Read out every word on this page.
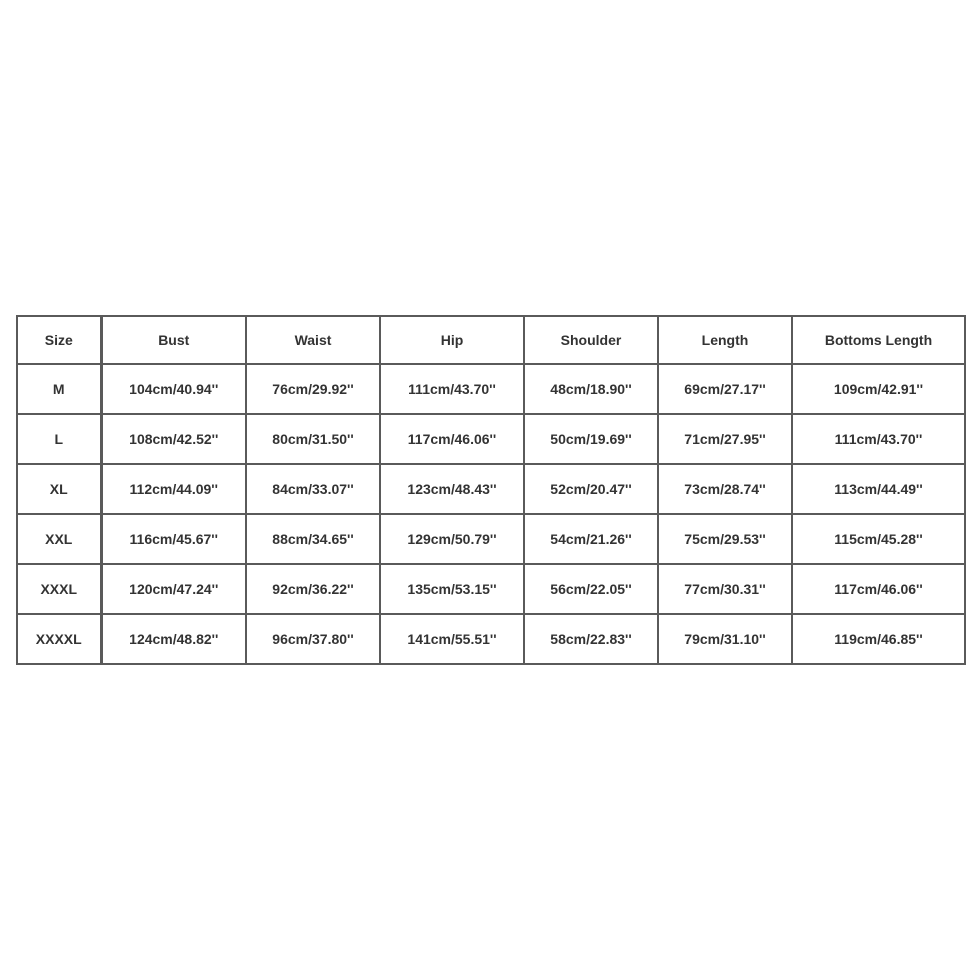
Size	Bust	Waist	Hip	Shoulder	Length	Bottoms Length
M	104cm/40.94''	76cm/29.92''	111cm/43.70''	48cm/18.90''	69cm/27.17''	109cm/42.91''
L	108cm/42.52''	80cm/31.50''	117cm/46.06''	50cm/19.69''	71cm/27.95''	111cm/43.70''
XL	112cm/44.09''	84cm/33.07''	123cm/48.43''	52cm/20.47''	73cm/28.74''	113cm/44.49''
XXL	116cm/45.67''	88cm/34.65''	129cm/50.79''	54cm/21.26''	75cm/29.53''	115cm/45.28''
XXXL	120cm/47.24''	92cm/36.22''	135cm/53.15''	56cm/22.05''	77cm/30.31''	117cm/46.06''
XXXXL	124cm/48.82''	96cm/37.80''	141cm/55.51''	58cm/22.83''	79cm/31.10''	119cm/46.85''
